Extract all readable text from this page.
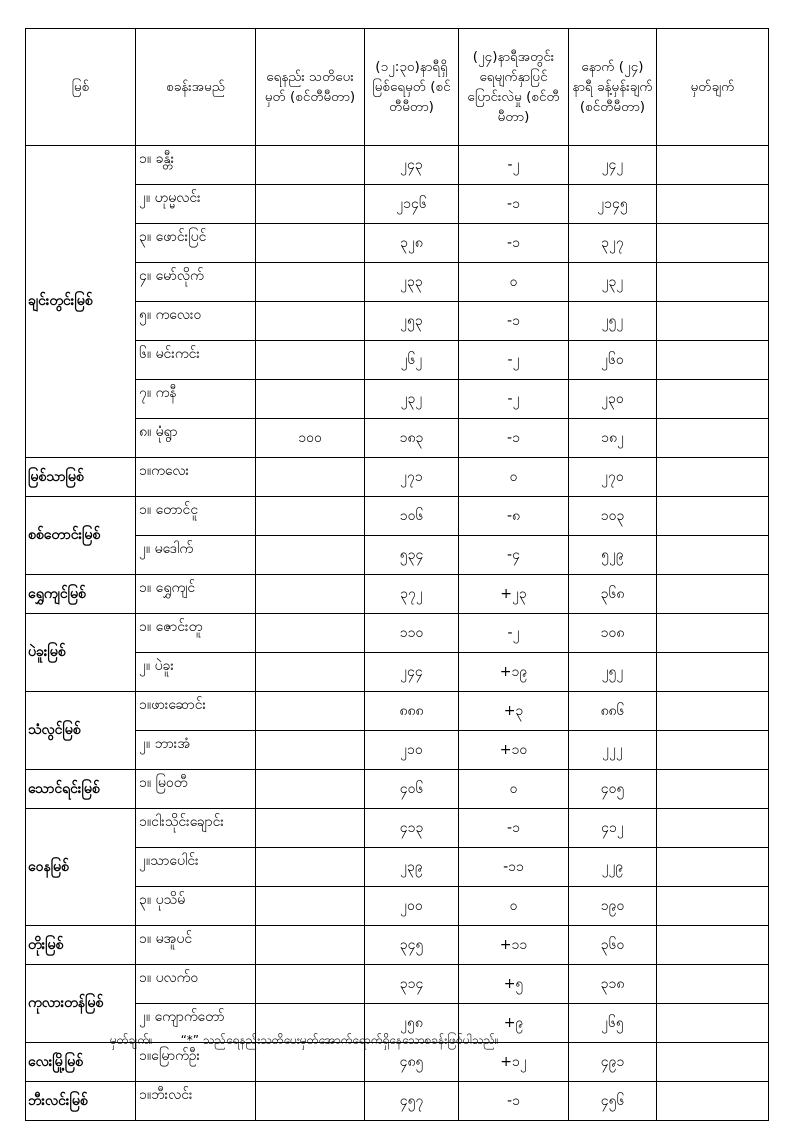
မြစ်	စခန်းအမည်	ရေနည်း သတိပေးမှတ် (စင်တီမီတာ)	(၁၂:၃၀)နာရီရှိ မြစ်ရေမှတ် (စင်တီမီတာ)	(၂၄)နာရီအတွင်း ရေမျက်နှာပြင် ပြောင်းလဲမှု (စင်တီမီတာ)	နောက် (၂၄) နာရီ ခန့်မှန်းချက် (စင်တီမီတာ)	မှတ်ချက်
ချင်းတွင်းမြစ်	၁။ ခန္တီး		၂၄၃	-၂	၂၄၂	
	၂။ ဟုမ္မလင်း		၂၁၄၆	-၁	၂၁၄၅	
	၃။ ဖောင်းပြင်		၃၂၈	-၁	၃၂၇	
	၄။ မော်လိုက်		၂၃၃	၀	၂၃၂	
	၅။ ကလေးဝ		၂၅၃	-၁	၂၅၂	
	၆။ မင်းကင်း		၂၆၂	-၂	၂၆၀	
	၇။ ကနီ		၂၃၂	-၂	၂၃၀	
	၈။ မုံရွာ	၁၀၀	၁၈၃	-၁	၁၈၂	
မြစ်သာမြစ်	၁။ကလေး		၂၇၁	၀	၂၇၀	
စစ်တောင်းမြစ်	၁။ တောင်ငူ		၁၀၆	-၈	၁၀၃	
	၂။ မဒေါက်		၅၃၄	-၄	၅၂၉	
ရွှေကျင်မြစ်	၁။ ရွှေကျင်		၃၇၂	+၂၃	၃၆၈	
ပဲခူးမြစ်	၁။ ဇောင်းတူ		၁၁၀	-၂	၁၀၈	
	၂။ ပဲခူး		၂၄၄	+၁၉	၂၅၂	
သံလွင်မြစ်	၁။ဖားဆောင်း		၈၈၈	+၃	၈၈၆	
	၂။ ဘားအံ		၂၁၀	+၁၀	၂၂၂	
သောင်ရင်းမြစ်	၁။ မြဝတီ		၄၀၆	၀	၄၀၅	
ဝေနမြစ်	၁။ငါးသိုင်းချောင်း		၄၁၃	-၁	၄၁၂	
	၂။သာပေါင်း		၂၃၉	-၁၁	၂၂၉	
	၃။ ပုသိမ်		၂၀၀	၀	၁၉၀	
တိုးမြစ်	၁။ မအူပင်		၃၄၅	+၁၁	၃၆၀	
ကုလားတန်မြစ်	၁။ ပလက်ဝ		၃၁၄	+၅	၃၁၈	
	၂။ ကျောက်တော်		၂၅၈	+၉	၂၆၅	
လေးမြို့မြစ်	၁။မြောက်ဦး		၄၈၅	+၁၂	၄၉၁	
ဘီးလင်းမြစ်	၁။ဘီးလင်း		၄၅၇	-၁	၄၅၆	
မှတ်ချက်။ “*” သည်ရေနည်းသတိပေးမှတ်အောက်ရောက်ရှိနေသောစခန်းဖြစ်ပါသည်။
